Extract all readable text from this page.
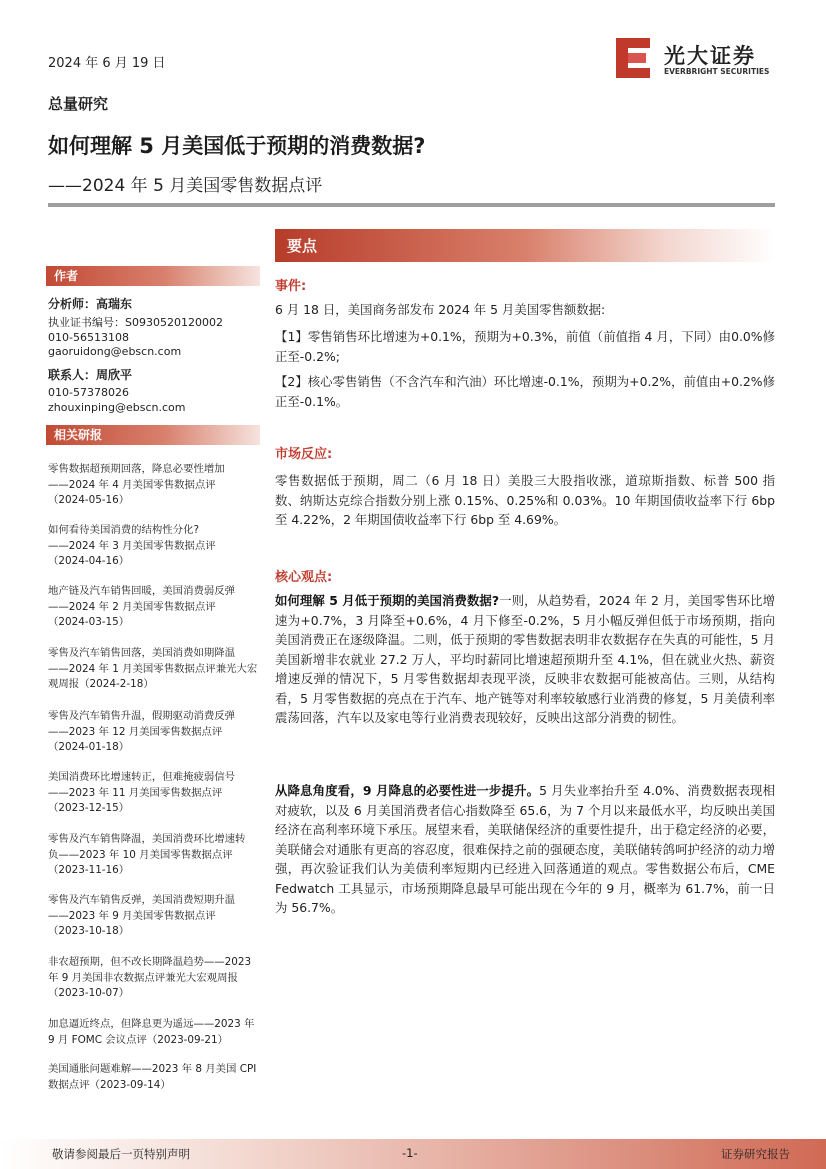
2024 年 6 月 19 日	光大证券
EVERBRIGHT SECURITIES
总量研究
如何理解 5 月美国低于预期的消费数据?
——2024 年 5 月美国零售数据点评
作者
分析师：高瑞东
执业证书编号：S0930520120002
010-56513108
gaoruidong@ebscn.com
联系人：周欣平
010-57378026
zhouxinping@ebscn.com
相关研报
零售数据超预期回落，降息必要性增加
——2024 年 4 月美国零售数据点评
（2024-05-16）
如何看待美国消费的结构性分化?
——2024 年 3 月美国零售数据点评
（2024-04-16）
地产链及汽车销售回暖，美国消费弱反弹
——2024 年 2 月美国零售数据点评
（2024-03-15）
零售及汽车销售回落，美国消费如期降温
——2024 年 1 月美国零售数据点评兼光大宏
观周报（2024-2-18）
零售及汽车销售升温，假期驱动消费反弹
——2023 年 12 月美国零售数据点评
（2024-01-18）
美国消费环比增速转正，但难掩疲弱信号
——2023 年 11 月美国零售数据点评
（2023-12-15）
零售及汽车销售降温，美国消费环比增速转
负——2023 年 10 月美国零售数据点评
（2023-11-16）
零售及汽车销售反弹，美国消费短期升温
——2023 年 9 月美国零售数据点评
（2023-10-18）
非农超预期，但不改长期降温趋势——2023
年 9 月美国非农数据点评兼光大宏观周报
（2023-10-07）
加息逼近终点，但降息更为遥远——2023 年
9 月 FOMC 会议点评（2023-09-21）
美国通胀问题难解——2023 年 8 月美国 CPI
数据点评（2023-09-14）
要点
事件:
6 月 18 日，美国商务部发布 2024 年 5 月美国零售额数据:
【1】零售销售环比增速为+0.1%，预期为+0.3%，前值（前值指 4 月，下同）由0.0%修正至-0.2%;
【2】核心零售销售（不含汽车和汽油）环比增速-0.1%，预期为+0.2%，前值由+0.2%修正至-0.1%。
市场反应:
零售数据低于预期，周二（6 月 18 日）美股三大股指收涨，道琼斯指数、标普 500 指数、纳斯达克综合指数分别上涨 0.15%、0.25%和 0.03%。10 年期国债收益率下行 6bp 至 4.22%，2 年期国债收益率下行 6bp 至 4.69%。
核心观点:
如何理解 5 月低于预期的美国消费数据?一则，从趋势看，2024 年 2 月，美国零售环比增速为+0.7%，3 月降至+0.6%，4 月下修至-0.2%，5 月小幅反弹但低于市场预期，指向美国消费正在逐级降温。二则，低于预期的零售数据表明非农数据存在失真的可能性，5 月美国新增非农就业 27.2 万人，平均时薪同比增速超预期升至 4.1%，但在就业火热、薪资增速反弹的情况下，5 月零售数据却表现平淡，反映非农数据可能被高估。三则，从结构看，5 月零售数据的亮点在于汽车、地产链等对利率较敏感行业消费的修复，5 月美债利率震荡回落，汽车以及家电等行业消费表现较好，反映出这部分消费的韧性。
从降息角度看，9 月降息的必要性进一步提升。5 月失业率抬升至 4.0%、消费数据表现相对疲软，以及 6 月美国消费者信心指数降至 65.6，为 7 个月以来最低水平，均反映出美国经济在高利率环境下承压。展望来看，美联储保经济的重要性提升，出于稳定经济的必要，美联储会对通胀有更高的容忍度，很难保持之前的强硬态度，美联储转鸽呵护经济的动力增强，再次验证我们认为美债利率短期内已经进入回落通道的观点。零售数据公布后，CME Fedwatch 工具显示，市场预期降息最早可能出现在今年的 9 月，概率为 61.7%，前一日为 56.7%。
敬请参阅最后一页特别声明	-1-	证券研究报告
